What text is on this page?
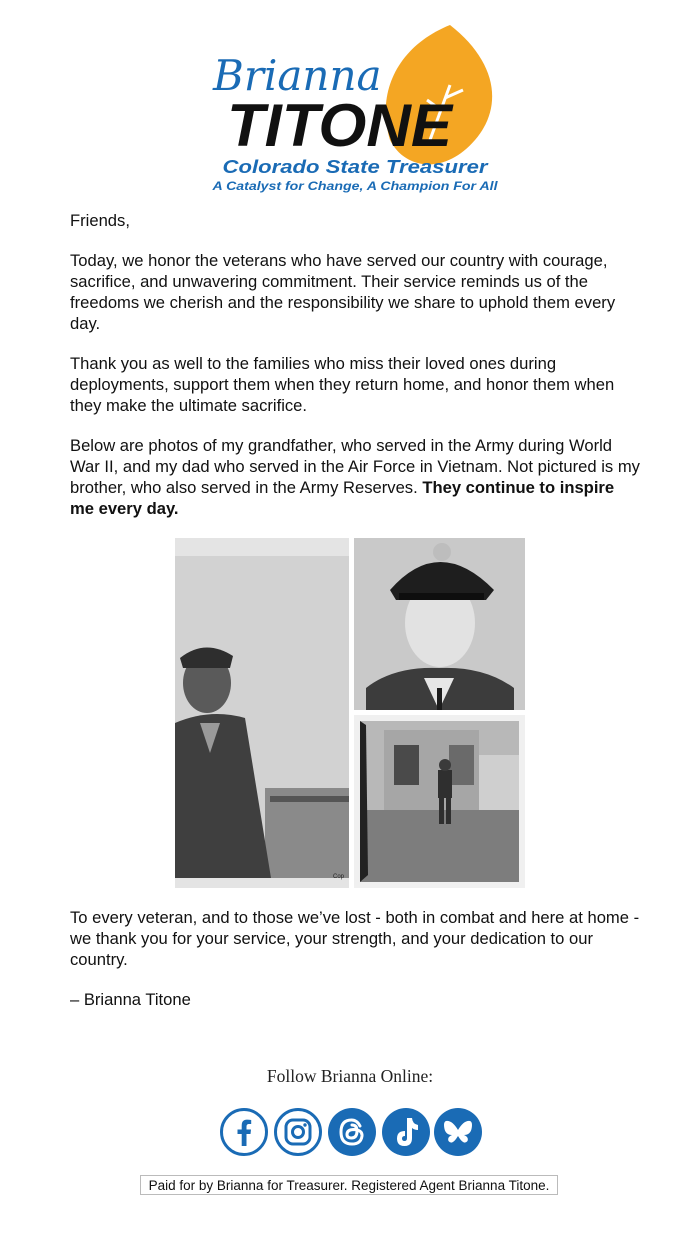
Brianna
TITONE
Colorado State Treasurer
A Catalyst for Change, A Champion For All

Friends,

Today, we honor the veterans who have served our country with courage, sacrifice, and unwavering commitment. Their service reminds us of the freedoms we cherish and the responsibility we share to uphold them every day.

Thank you as well to the families who miss their loved ones during deployments, support them when they return home, and honor them when they make the ultimate sacrifice.

Below are photos of my grandfather, who served in the Army during World War II, and my dad who served in the Air Force in Vietnam. Not pictured is my brother, who also served in the Army Reserves. They continue to inspire me every day.

Cop

To every veteran, and to those we’ve lost - both in combat and here at home - we thank you for your service, your strength, and your dedication to our country.

– Brianna Titone

Follow Brianna Online:
Paid for by Brianna for Treasurer. Registered Agent Brianna Titone.
